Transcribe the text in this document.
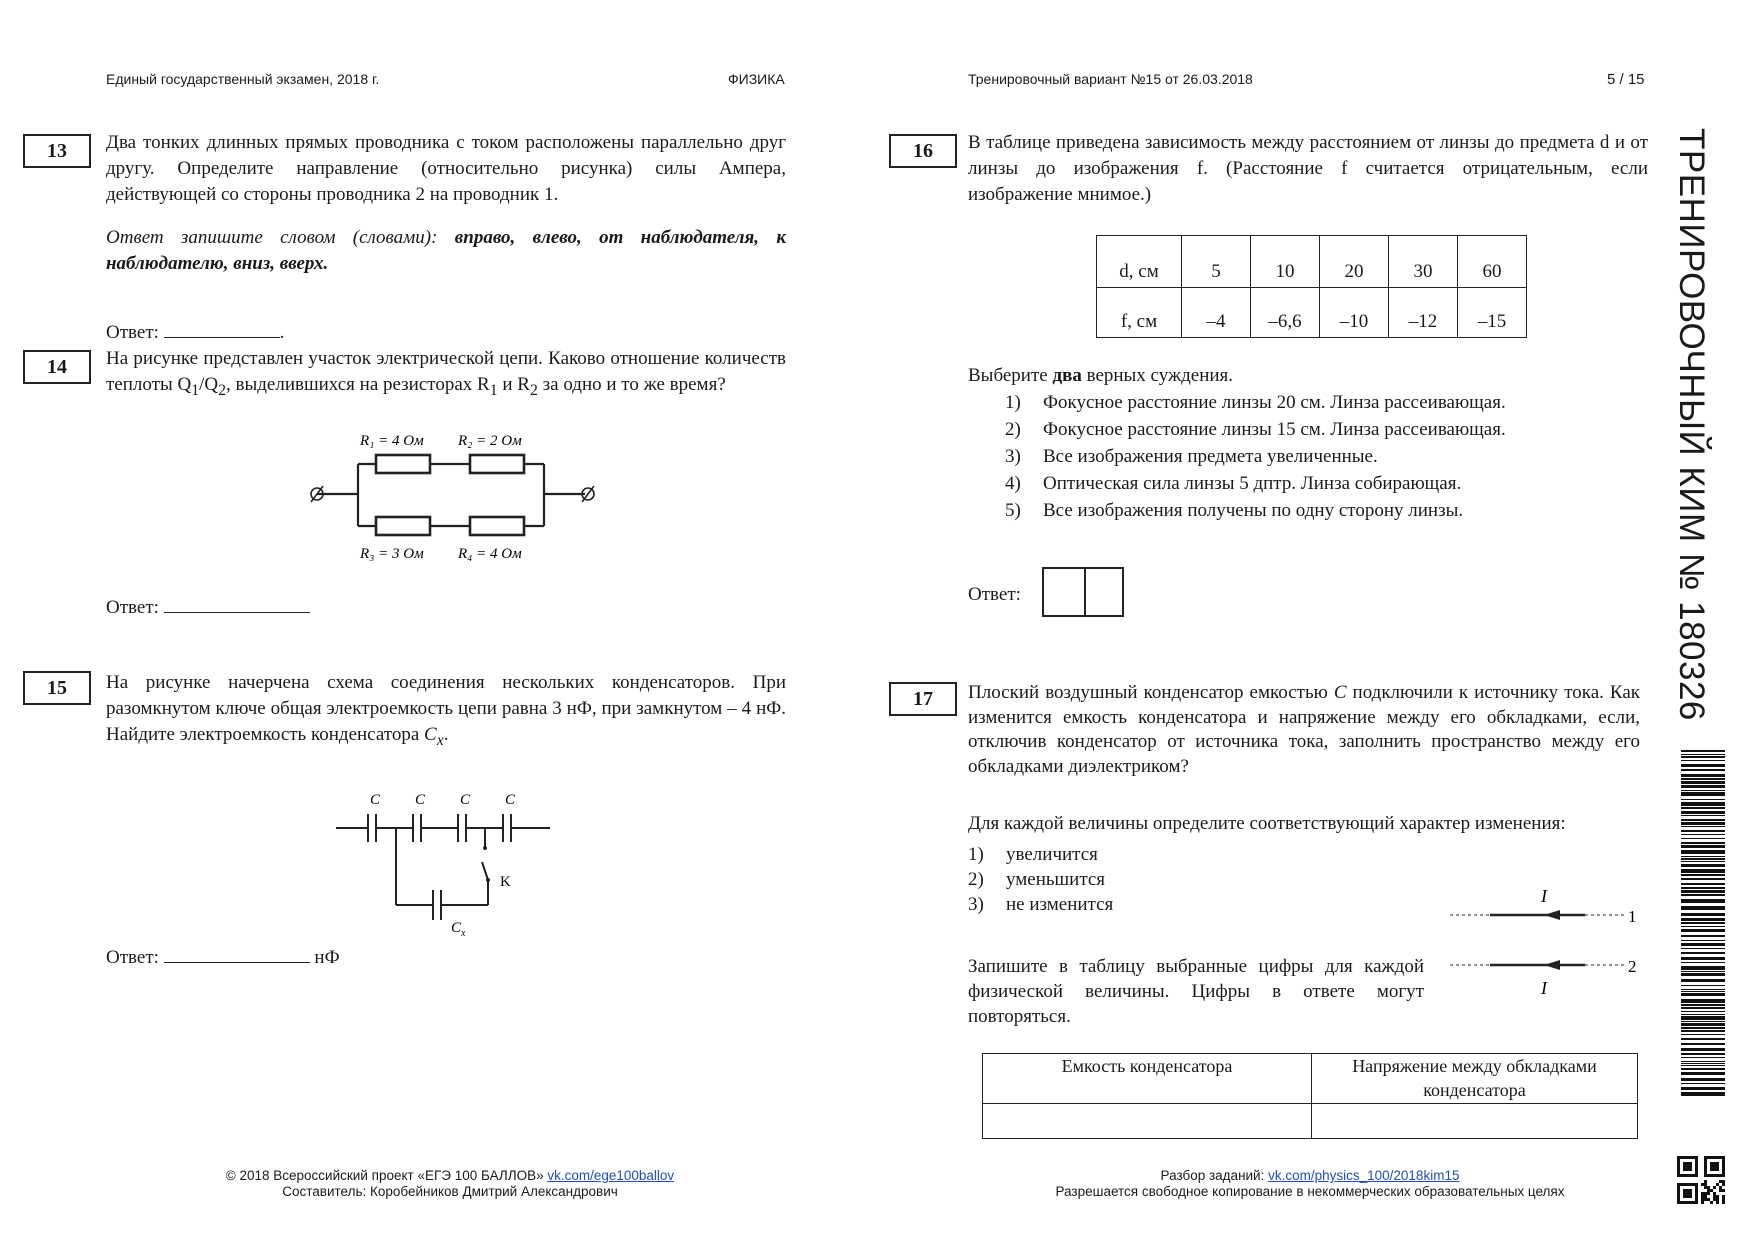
Единый государственный экзамен, 2018 г.	ФИЗИКА	Тренировочный вариант №15 от 26.03.2018	5 / 15
ТРЕНИРОВОЧНЫЙ КИМ № 180326
13	Два тонких длинных прямых проводника с током расположены параллельно друг другу. Определите направление (относительно рисунка) силы Ампера, действующей со стороны проводника 2 на проводник 1.
Ответ запишите словом (словами): вправо, влево, от наблюдателя, к наблюдателю, вниз, вверх.
Ответ:	.
14	На рисунке представлен участок электрической цепи. Каково отношение количеств теплоты $Q_1/Q_2$, выделившихся на резисторах $R_1$ и $R_2$ за одно и то же время?
R₁ = 4 Ом R₂ = 2 Ом
R₃ = 3 Ом R₄ = 4 Ом
Ответ:
15	На рисунке начерчена схема соединения нескольких конденсаторов. При разомкнутом ключе общая электроемкость цепи равна 3 нФ, при замкнутом – 4 нФ. Найдите электроемкость конденсатора $C_x$.
C C C C
K
C x
Ответ:	нФ
16	В таблице приведена зависимость между расстоянием от линзы до предмета d и от линзы до изображения f. (Расстояние f считается отрицательным, если изображение мнимое.)
d, см	5	10	20	30	60
f, см	–4	–6,6	–10	–12	–15
Выберите два верных суждения.
1) Фокусное расстояние линзы 20 см. Линза рассеивающая.
2) Фокусное расстояние линзы 15 см. Линза рассеивающая.
3) Все изображения предмета увеличенные.
4) Оптическая сила линзы 5 дптр. Линза собирающая.
5) Все изображения получены по одну сторону линзы.
Ответ:
17	Плоский воздушный конденсатор емкостью C подключили к источнику тока. Как изменится емкость конденсатора и напряжение между его обкладками, если, отключив конденсатор от источника тока, заполнить пространство между его обкладками диэлектриком?
Для каждой величины определите соответствующий характер изменения:
1) увеличится
2) уменьшится
3) не изменится
Запишите в таблицу выбранные цифры для каждой физической величины. Цифры в ответе могут повторяться.
I
I
1
2
Емкость конденсатора	Напряжение между обкладками конденсатора

© 2018 Всероссийский проект «ЕГЭ 100 БАЛЛОВ» vk.com/ege100ballov
Составитель: Коробейников Дмитрий Александрович
Разбор заданий: vk.com/physics_100/2018kim15
Разрешается свободное копирование в некоммерческих образовательных целях
